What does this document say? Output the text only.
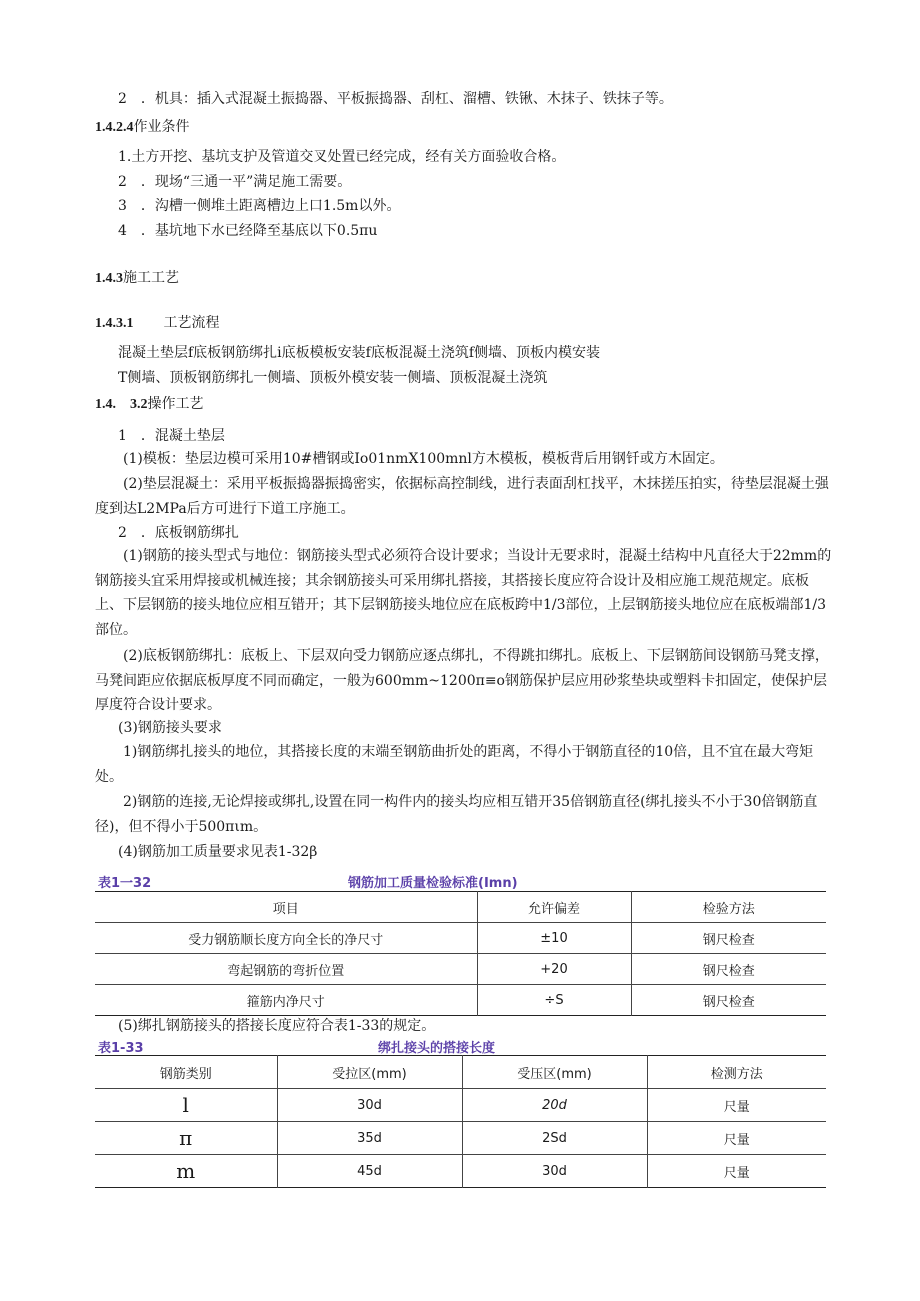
2　．机具：插入式混凝土振捣器、平板振捣器、刮杠、溜槽、铁锹、木抹子、铁抹子等。
1.4.2.4作业条件
1.土方开挖、基坑支护及管道交叉处置已经完成，经有关方面验收合格。
2　．现场“三通一平”满足施工需要。
3　．沟槽一侧堆土距离槽边上口1.5m以外。
4　．基坑地下水已经降至基底以下0.5πu
1.4.3施工工艺
1.4.3.1 工艺流程
混凝土垫层f底板钢筋绑扎i底板模板安装f底板混凝土浇筑f侧墙、顶板内模安装
T侧墙、顶板钢筋绑扎一侧墙、顶板外模安装一侧墙、顶板混凝土浇筑
1.4.　3.2操作工艺
1　．混凝土垫层
(1)模板：垫层边模可采用10#槽钢或Io01nmX100mnl方木模板，模板背后用钢钎或方木固定。
(2)垫层混凝土：采用平板振捣器振捣密实，依据标高控制线，进行表面刮杠找平，木抹搓压拍实，待垫层混凝土强度到达L2MPa后方可进行下道工序施工。
2　．底板钢筋绑扎
(1)钢筋的接头型式与地位：钢筋接头型式必须符合设计要求；当设计无要求时，混凝土结构中凡直径大于22mm的钢筋接头宜采用焊接或机械连接；其余钢筋接头可采用绑扎搭接，其搭接长度应符合设计及相应施工规范规定。底板上、下层钢筋的接头地位应相互错开；其下层钢筋接头地位应在底板跨中1/3部位，上层钢筋接头地位应在底板端部1/3部位。
(2)底板钢筋绑扎：底板上、下层双向受力钢筋应逐点绑扎，不得跳扣绑扎。底板上、下层钢筋间设钢筋马凳支撑，马凳间距应依据底板厚度不同而确定，一般为600mm~1200π≡o钢筋保护层应用砂浆垫块或塑料卡扣固定，使保护层厚度符合设计要求。
(3)钢筋接头要求
1)钢筋绑扎接头的地位，其搭接长度的末端至钢筋曲折处的距离，不得小于钢筋直径的10倍，且不宜在最大弯矩处。
2)钢筋的连接,无论焊接或绑扎,设置在同一构件内的接头均应相互错开35倍钢筋直径(绑扎接头不小于30倍钢筋直径)，但不得小于500πιm。
(4)钢筋加工质量要求见表1-32β
表1一32	钢筋加工质量检验标准(Imn)
项目	允许偏差	检验方法
受力钢筋顺长度方向全长的净尺寸	±10	钢尺检查
弯起钢筋的弯折位置	+20	钢尺检查
箍筋内净尺寸	÷S	钢尺检查
(5)绑扎钢筋接头的搭接长度应符合表1-33的规定。
表1-33	绑扎接头的搭接长度
钢筋类别	受拉区(mm)	受压区(mm)	检测方法
l	30d	20d	尺量
π	35d	2Sd	尺量
m	45d	30d	尺量
